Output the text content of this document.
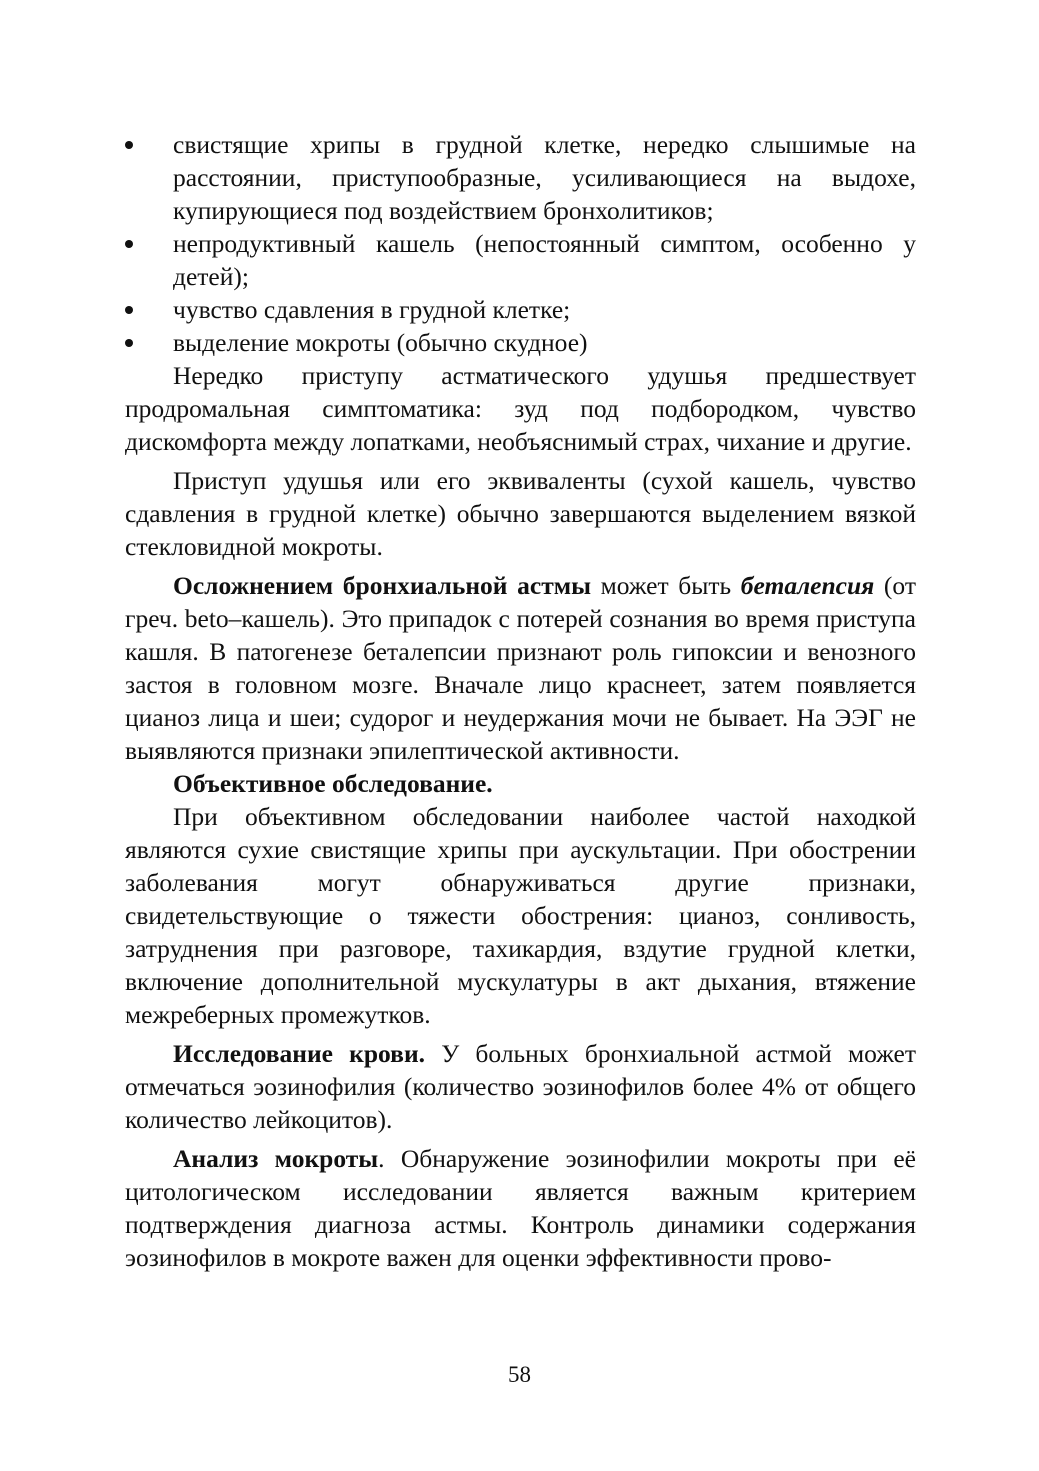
свистящие хрипы в грудной клетке, нередко слышимые на расстоянии, приступообразные, усиливающиеся на выдохе, купирующиеся под воздействием бронхолитиков;
непродуктивный кашель (непостоянный симптом, особенно у детей);
чувство сдавления в грудной клетке;
выделение мокроты (обычно скудное)

Нередко приступу астматического удушья предшествует продромальная симптоматика: зуд под подбородком, чувство дискомфорта между лопатками, необъяснимый страх, чихание и другие.

Приступ удушья или его эквиваленты (сухой кашель, чувство сдавления в грудной клетке) обычно завершаются выделением вязкой стекловидной мокроты.

Осложнением бронхиальной астмы может быть беталепсия (от греч. beto–кашель). Это припадок с потерей сознания во время приступа кашля. В патогенезе беталепсии признают роль гипоксии и венозного застоя в головном мозге. Вначале лицо краснеет, затем появляется цианоз лица и шеи; судорог и неудержания мочи не бывает. На ЭЭГ не выявляются признаки эпилептической активности.

Объективное обследование.

При объективном обследовании наиболее частой находкой являются сухие свистящие хрипы при аускультации. При обострении заболевания могут обнаруживаться другие признаки, свидетельствующие о тяжести обострения: цианоз, сонливость, затруднения при разговоре, тахикардия, вздутие грудной клетки, включение дополнительной мускулатуры в акт дыхания, втяжение межреберных промежутков.

Исследование крови. У больных бронхиальной астмой может отмечаться эозинофилия (количество эозинофилов более 4% от общего количество лейкоцитов).

Анализ мокроты. Обнаружение эозинофилии мокроты при её цитологическом исследовании является важным критерием подтверждения диагноза астмы. Контроль динамики содержания эозинофилов в мокроте важен для оценки эффективности прово-

58
